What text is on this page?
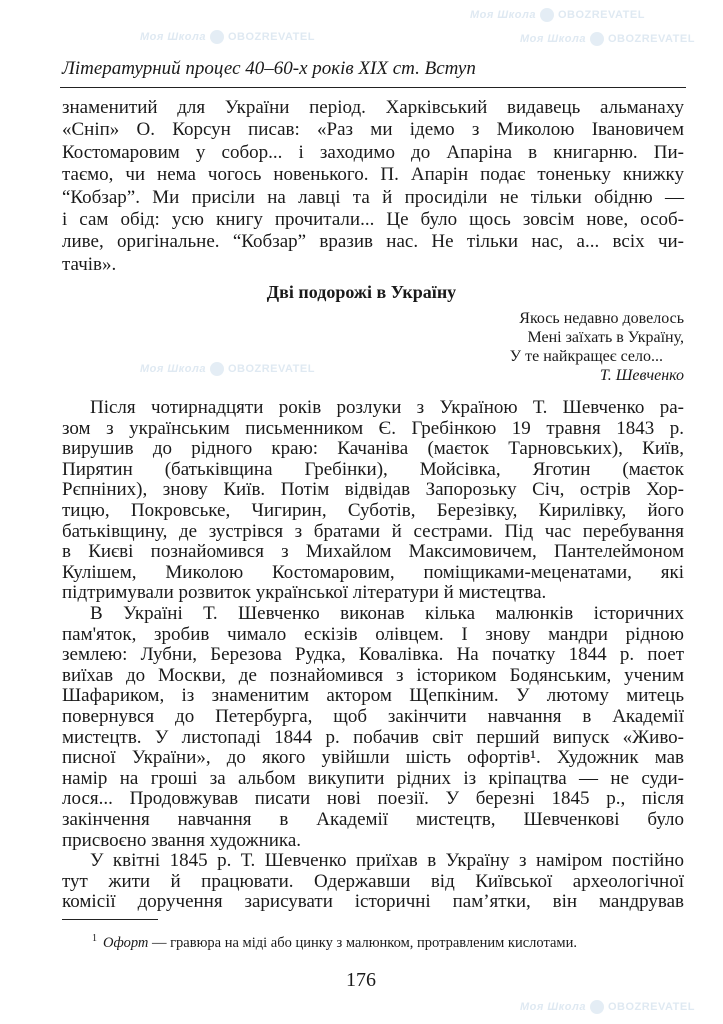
Моя Школа OBOZREVATEL
Моя Школа OBOZREVATEL	Моя Школа OBOZREVATEL
Моя Школа OBOZREVATEL
Моя Школа OBOZREVATEL
Літературний процес 40–60-х років XIX ст. Вступ
знаменитий для України період. Харківський видавець альманаху
«Сніп» О. Корсун писав: «Раз ми ідемо з Миколою Івановичем
Костомаровим у собор... і заходимо до Апаріна в книгарню. Пи-
таємо, чи нема чогось новенького. П. Апарін подає тоненьку книжку
“Кобзар”. Ми присіли на лавці та й просиділи не тільки обідню —
і сам обід: усю книгу прочитали... Це було щось зовсім нове, особ-
ливе, оригінальне. “Кобзар” вразив нас. Не тільки нас, а... всіх чи-
тачів».
Дві подорожі в Україну
Якось недавно довелось
Мені заїхать в Україну,
У те найкращеє село...
Т. Шевченко
Після чотирнадцяти років розлуки з Україною Т. Шевченко ра-
зом з українським письменником Є. Гребінкою 19 травня 1843 р.
вирушив до рідного краю: Качанівa (маєток Тарновських), Київ,
Пирятин (батьківщина Гребінки), Мойсівка, Яготин (маєток
Рєпніних), знову Київ. Потім відвідав Запорозьку Січ, острів Хор-
тицю, Покровське, Чигирин, Суботів, Березівку, Кирилівку, його
батьківщину, де зустрівся з братами й сестрами. Під час перебування
в Києві познайомився з Михайлом Максимовичем, Пантелеймоном
Кулішем, Миколою Костомаровим, поміщиками-меценатами, які
підтримували розвиток української літератури й мистецтва.
В Україні Т. Шевченко виконав кілька малюнків історичних
пам'яток, зробив чимало ескізів олівцем. І знову мандри рідною
землею: Лубни, Березова Рудка, Ковалівка. На початку 1844 р. поет
виїхав до Москви, де познайомився з істориком Бодянським, ученим
Шафариком, із знаменитим актором Щепкіним. У лютому митець
повернувся до Петербурга, щоб закінчити навчання в Академії
мистецтв. У листопаді 1844 р. побачив світ перший випуск «Живо-
писної України», до якого увійшли шість офортів¹. Художник мав
намір на гроші за альбом викупити рідних із кріпацтва — не суди-
лося... Продовжував писати нові поезії. У березні 1845 р., після
закінчення навчання в Академії мистецтв, Шевченкові було
присвоєно звання художника.
У квітні 1845 р. Т. Шевченко приїхав в Україну з наміром постійно
тут жити й працювати. Одержавши від Київської археологічної
комісії доручення зарисувати історичні пам’ятки, він мандрував
$^1$ Офорт — гравюра на міді або цинку з малюнком, протравленим кислотами.
176
